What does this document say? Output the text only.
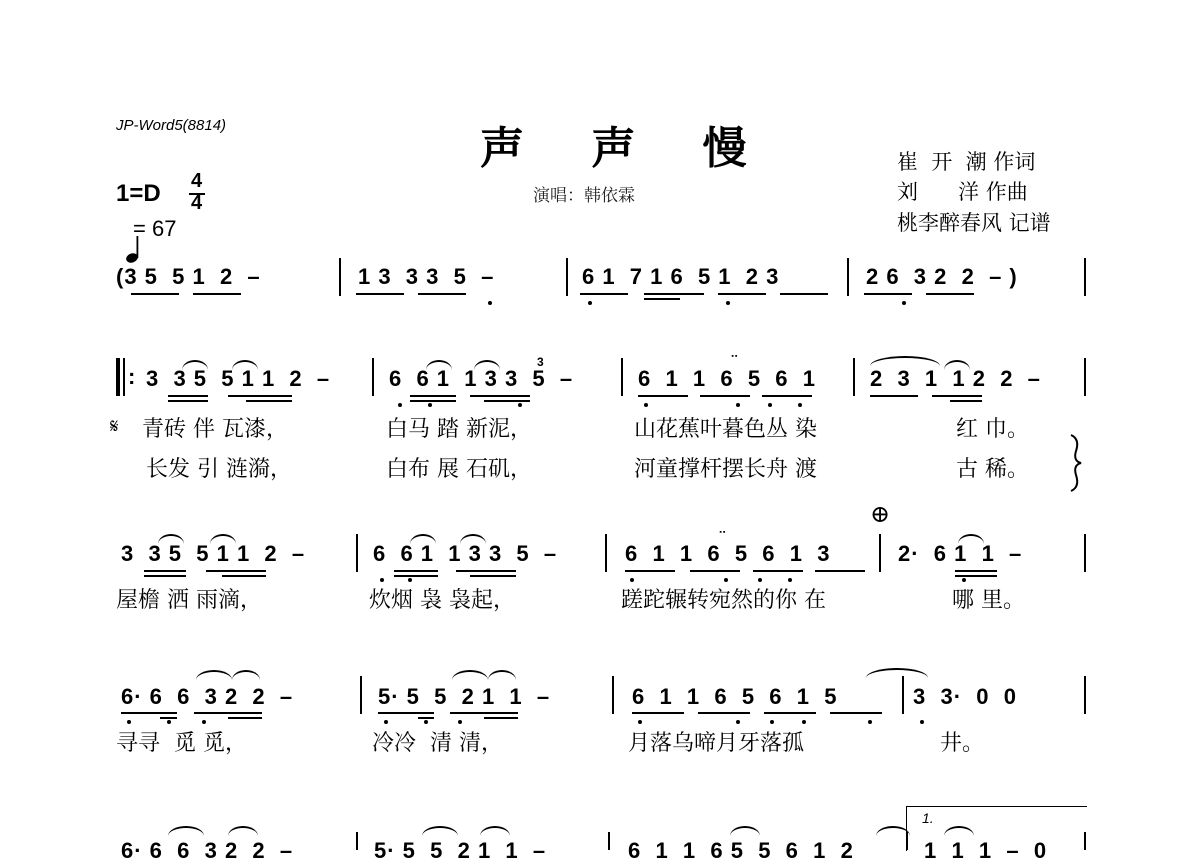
JP-Word5(8814)	声 声 慢
演唱：韩依霖
崔  开  潮 作词
刘      洋 作曲
桃李醉春风 记谱
1=D 4
4

= 67
(3 5  5 1  2  –	1 3  3 3  5  –	6 1  7 1 6  5 1  2 3	2 6  3 2  2  – )
: 3  3 5  5 1 1  2  –	6  6 1  1 3 3  5  –
3
6  1  1  6  5  6  1 2  3  1  1 2  2  –
⠒
𝄋 青砖 伴 瓦漆，	白马 踏 新泥，	山花蕉叶暮色丛 染	红 巾。
长发 引 涟漪，	白布 展 石矶，	河童撑杆摆长舟 渡	古 稀。

⊕
3  3 5  5 1 1  2  –	6  6 1  1 3 3  5  –	6  1  1  6  5  6  1  3	2·  6 1  1  –
⠒
屋檐 洒 雨滴，	炊烟 袅 袅起，	蹉跎辗转宛然的你 在	哪 里。
6· 6  6  3 2  2  –	5· 5  5  2 1  1  –	6  1  1  6  5  6  1  5	3  3·  0  0
寻寻  觅 觅，	冷冷  清 清，	月落乌啼月牙落孤	井。
1.
6· 6  6  3 2  2  –	5· 5  5  2 1  1  –	6  1  1  6 5  5  6  1  2	1  1  1  –  0
